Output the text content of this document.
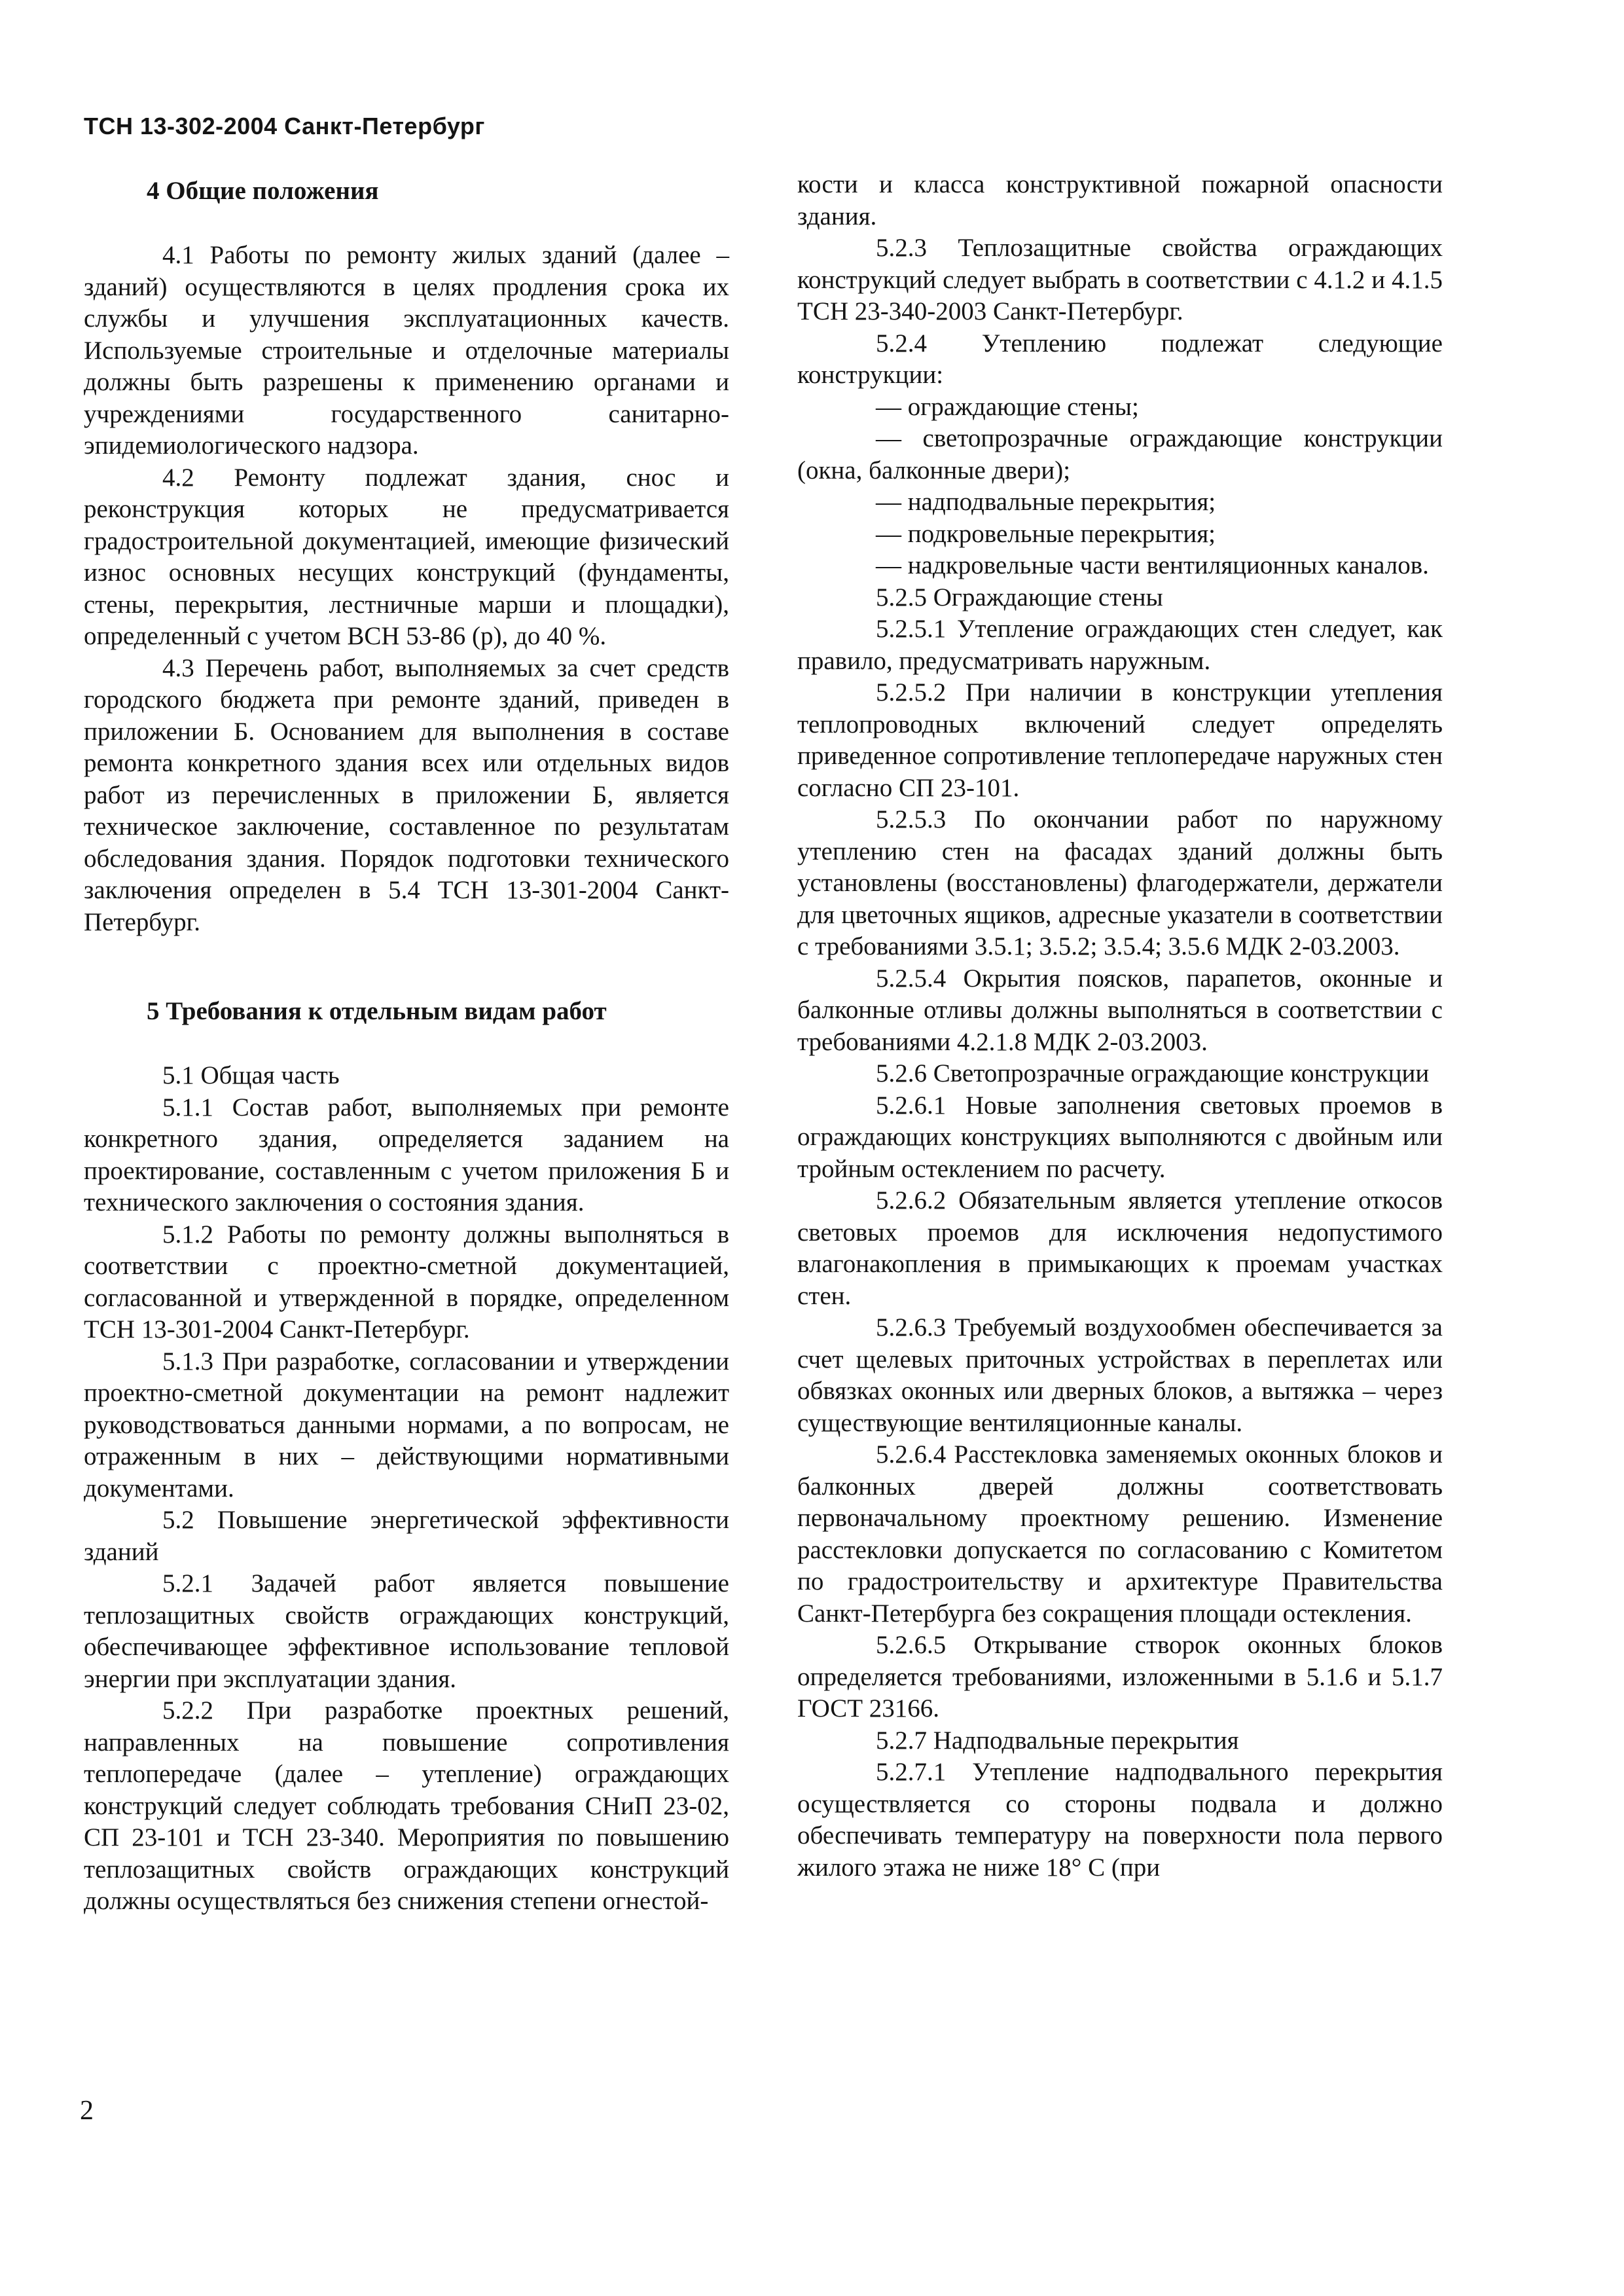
ТСН 13-302-2004 Санкт-Петербург
4 Общие положения

4.1 Работы по ремонту жилых зданий (далее – зданий) осуществляются в целях продления срока их службы и улучшения эксплуатационных качеств. Используемые строительные и отделочные материалы должны быть разрешены к применению органами и учреждениями государственного санитарно-эпидемиологического надзора.

4.2 Ремонту подлежат здания, снос и реконструкция которых не предусматривается градостроительной документацией, имеющие физический износ основных несущих конструкций (фундаменты, стены, перекрытия, лестничные марши и площадки), определенный с учетом ВСН 53-86 (р), до 40 %.

4.3 Перечень работ, выполняемых за счет средств городского бюджета при ремонте зданий, приведен в приложении Б. Основанием для выполнения в составе ремонта конкретного здания всех или отдельных видов работ из перечисленных в приложении Б, является техническое заключение, составленное по результатам обследования здания. Порядок подготовки технического заключения определен в 5.4 ТСН 13-301-2004 Санкт-Петербург.

5 Требования к отдельным видам работ

5.1 Общая часть

5.1.1 Состав работ, выполняемых при ремонте конкретного здания, определяется заданием на проектирование, составленным с учетом приложения Б и технического заключения о состояния здания.

5.1.2 Работы по ремонту должны выполняться в соответствии с проектно-сметной документацией, согласованной и утвержденной в порядке, определенном ТСН 13-301-2004 Санкт-Петербург.

5.1.3 При разработке, согласовании и утверждении проектно-сметной документации на ремонт надлежит руководствоваться данными нормами, а по вопросам, не отраженным в них – действующими нормативными документами.

5.2 Повышение энергетической эффективности зданий

5.2.1 Задачей работ является повышение теплозащитных свойств ограждающих конструкций, обеспечивающее эффективное использование тепловой энергии при эксплуатации здания.

5.2.2 При разработке проектных решений, направленных на повышение сопротивления теплопередаче (далее – утепление) ограждающих конструкций следует соблюдать требования СНиП 23-02, СП 23-101 и ТСН 23-340. Мероприятия по повышению теплозащитных свойств ограждающих конструкций должны осуществляться без снижения степени огнестой-

кости и класса конструктивной пожарной опасности здания.

5.2.3 Теплозащитные свойства ограждающих конструкций следует выбрать в соответствии с 4.1.2 и 4.1.5 ТСН 23-340-2003 Санкт-Петербург.

5.2.4 Утеплению подлежат следующие конструкции:

— ограждающие стены;

— светопрозрачные ограждающие конструкции (окна, балконные двери);

— надподвальные перекрытия;

— подкровельные перекрытия;

— надкровельные части вентиляционных каналов.

5.2.5 Ограждающие стены

5.2.5.1 Утепление ограждающих стен следует, как правило, предусматривать наружным.

5.2.5.2 При наличии в конструкции утепления теплопроводных включений следует определять приведенное сопротивление теплопередаче наружных стен согласно СП 23-101.

5.2.5.3 По окончании работ по наружному утеплению стен на фасадах зданий должны быть установлены (восстановлены) флагодержатели, держатели для цветочных ящиков, адресные указатели в соответствии с требованиями 3.5.1; 3.5.2; 3.5.4; 3.5.6 МДК 2-03.2003.

5.2.5.4 Окрытия поясков, парапетов, оконные и балконные отливы должны выполняться в соответствии с требованиями 4.2.1.8 МДК 2-03.2003.

5.2.6 Светопрозрачные ограждающие конструкции

5.2.6.1 Новые заполнения световых проемов в ограждающих конструкциях выполняются с двойным или тройным остеклением по расчету.

5.2.6.2 Обязательным является утепление откосов световых проемов для исключения недопустимого влагонакопления в примыкающих к проемам участках стен.

5.2.6.3 Требуемый воздухообмен обеспечивается за счет щелевых приточных устройствах в переплетах или обвязках оконных или дверных блоков, а вытяжка – через существующие вентиляционные каналы.

5.2.6.4 Расстекловка заменяемых оконных блоков и балконных дверей должны соответствовать первоначальному проектному решению. Изменение расстекловки допускается по согласованию с Комитетом по градостроительству и архитектуре Правительства Санкт-Петербурга без сокращения площади остекления.

5.2.6.5 Открывание створок оконных блоков определяется требованиями, изложенными в 5.1.6 и 5.1.7 ГОСТ 23166.

5.2.7 Надподвальные перекрытия

5.2.7.1 Утепление надподвального перекрытия осуществляется со стороны подвала и должно обеспечивать температуру на поверхности пола первого жилого этажа не ниже 18° С (при

2
